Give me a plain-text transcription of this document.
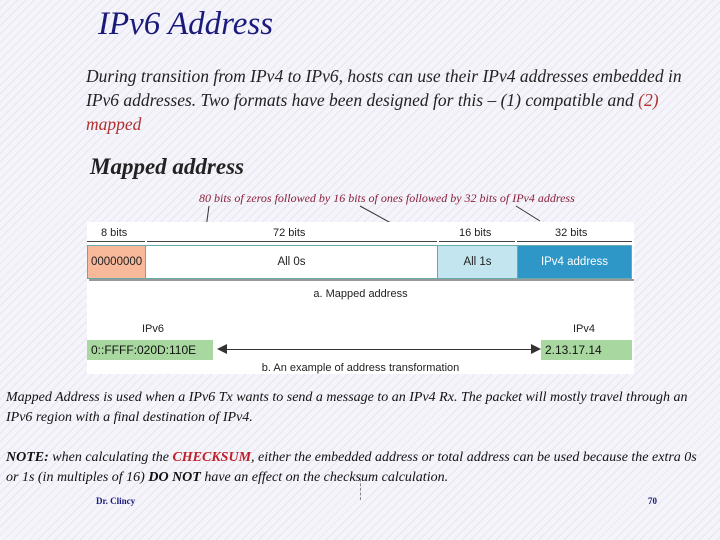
IPv6 Address
During transition from IPv4 to IPv6, hosts can use their IPv4 addresses embedded in IPv6 addresses. Two formats have been designed for this – (1) compatible and (2) mapped
Mapped address
80 bits of zeros followed by 16 bits of ones followed by 32 bits of IPv4 address
8 bits	72 bits	16 bits	32 bits
00000000	All 0s	All 1s	IPv4 address
a. Mapped address
IPv6	IPv4
0::FFFF:020D:110E	2.13.17.14
b. An example of address transformation
Mapped Address is used when a IPv6 Tx wants to send a message to an IPv4 Rx. The packet will mostly travel through an IPv6 region with a final destination of IPv4.
NOTE: when calculating the CHECKSUM, either the embedded address or total address can be used because the extra 0s or 1s (in multiples of 16) DO NOT have an effect on the checksum calculation.
Dr. Clincy	70
